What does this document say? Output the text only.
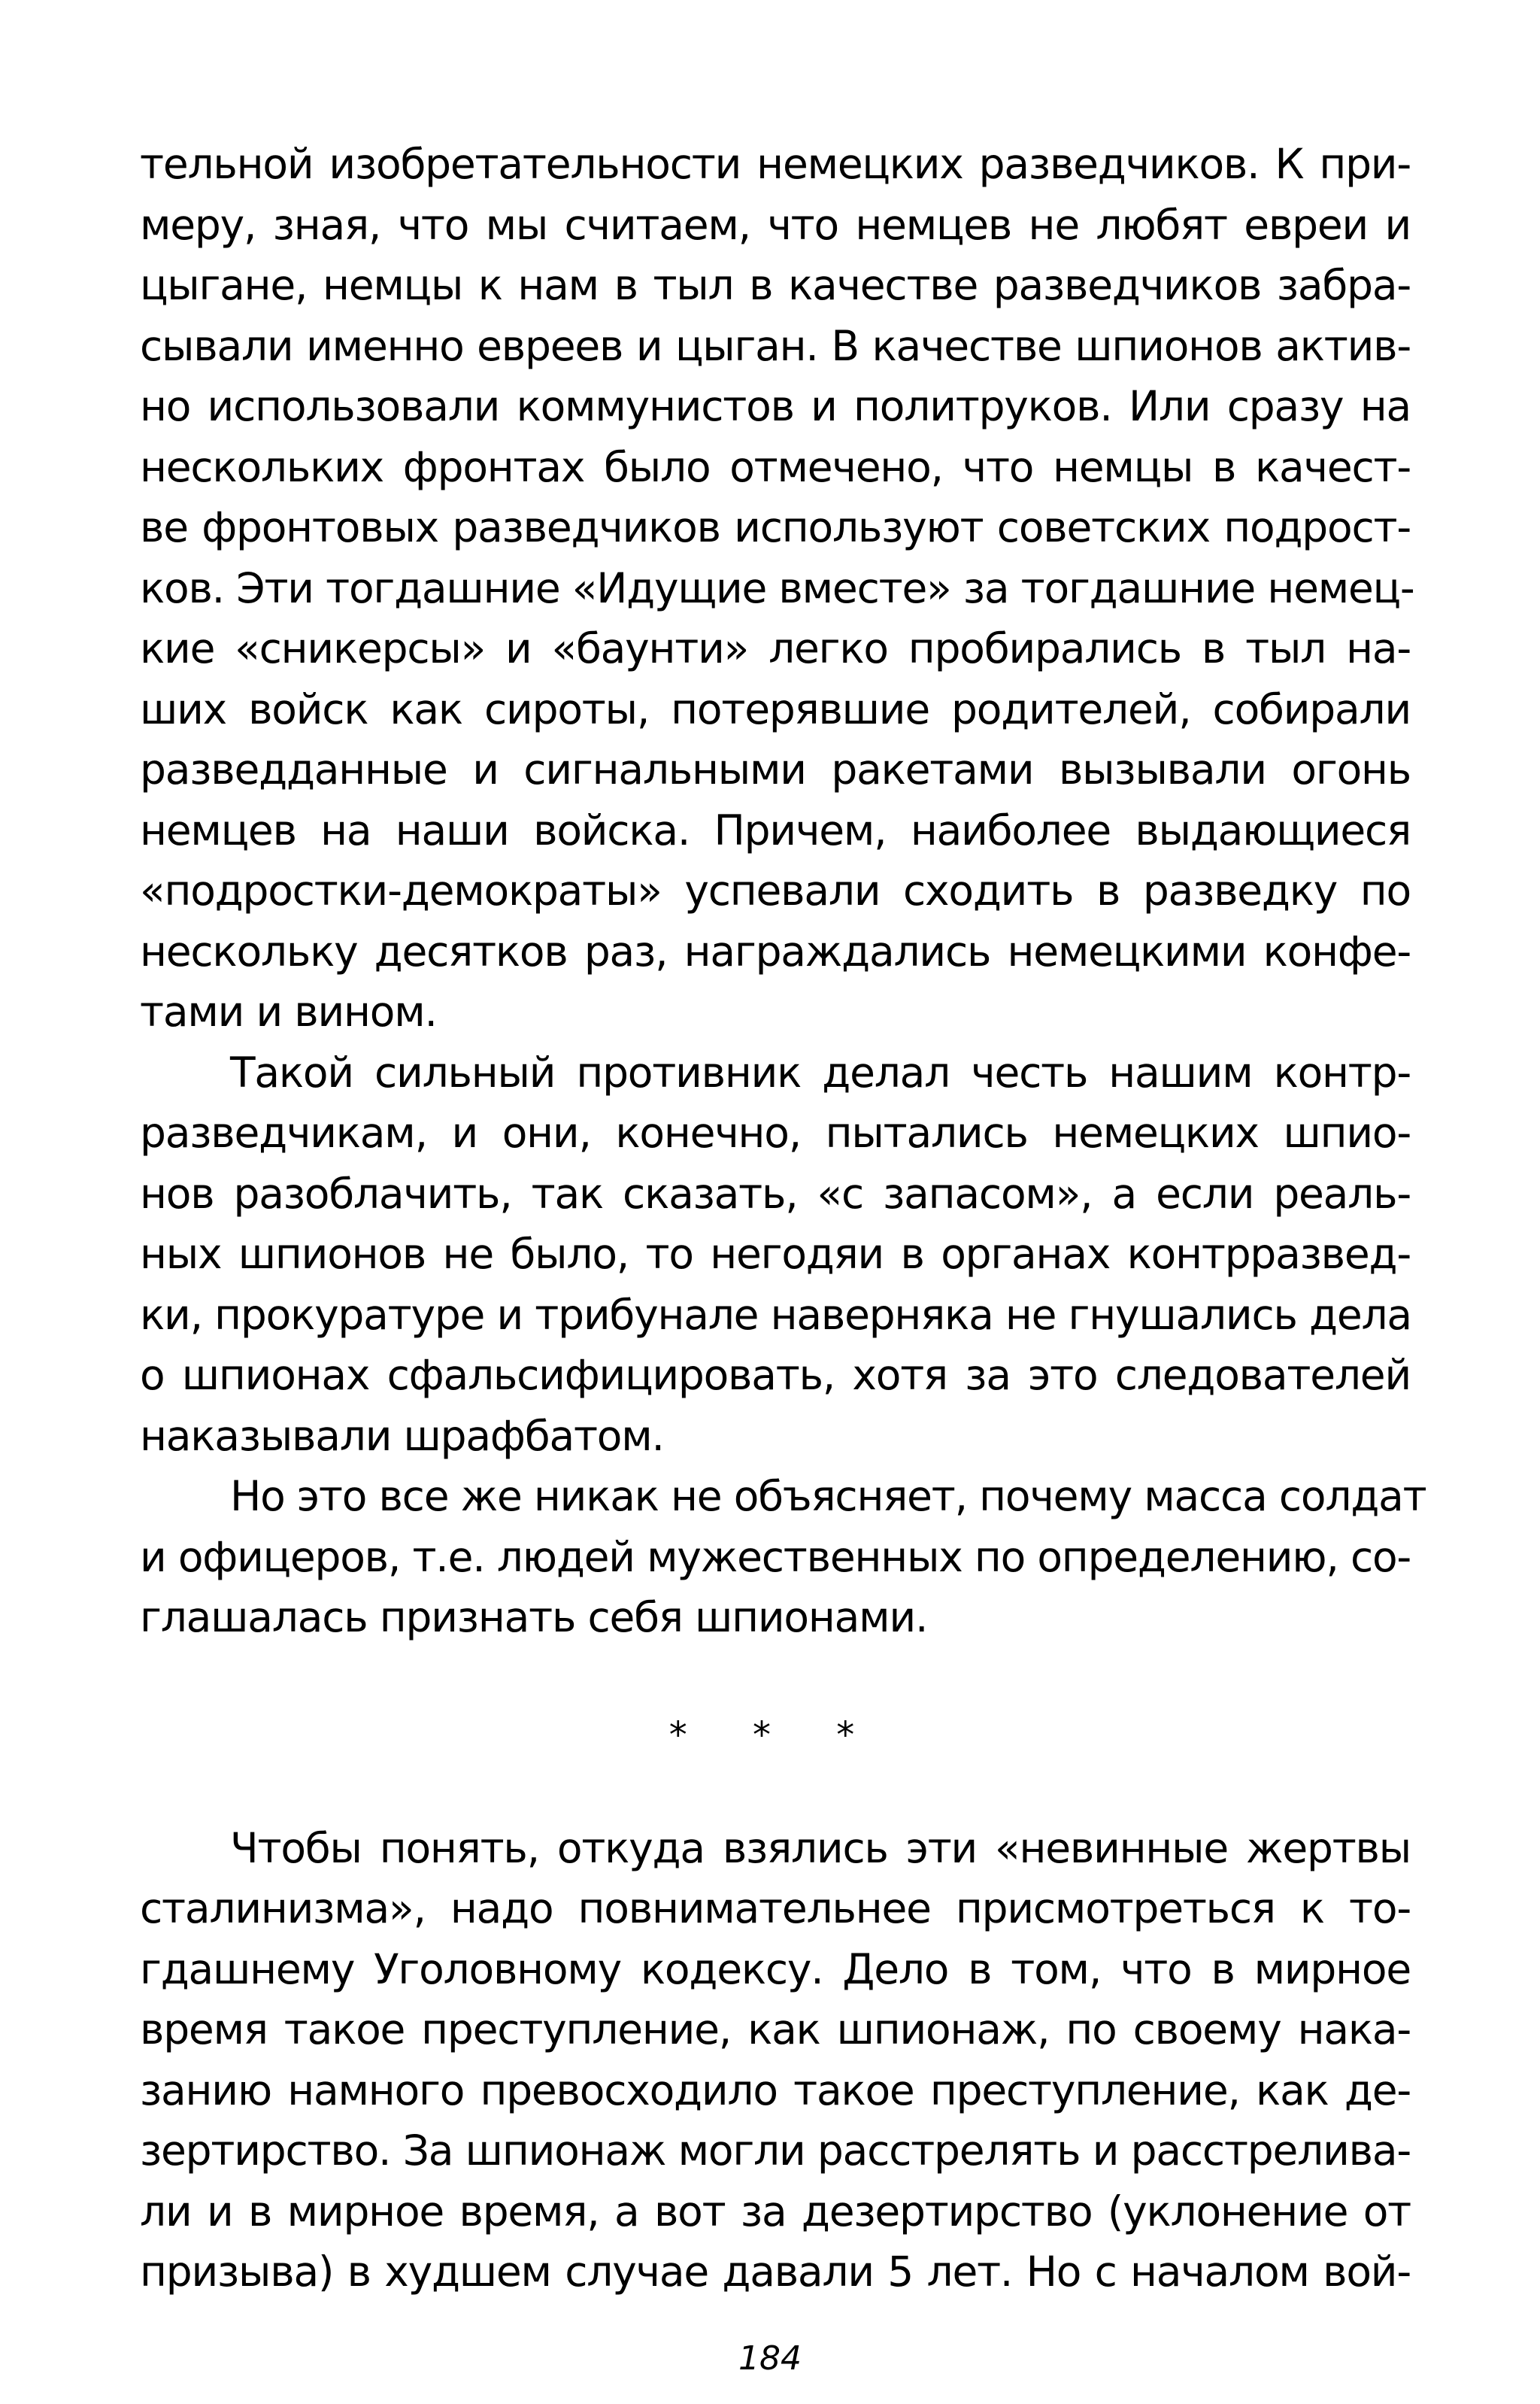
тельной изобретательности немецких разведчиков. К при-
меру, зная, что мы считаем, что немцев не любят евреи и
цыгане, немцы к нам в тыл в качестве разведчиков забра-
сывали именно евреев и цыган. В качестве шпионов актив-
но использовали коммунистов и политруков. Или сразу на
нескольких фронтах было отмечено, что немцы в качест-
ве фронтовых разведчиков используют советских подрост-
ков. Эти тогдашние «Идущие вместе» за тогдашние немец-
кие «сникерсы» и «баунти» легко пробирались в тыл на-
ших войск как сироты, потерявшие родителей, собирали
разведданные и сигнальными ракетами вызывали огонь
немцев на наши войска. Причем, наиболее выдающиеся
«подростки-демократы» успевали сходить в разведку по
нескольку десятков раз, награждались немецкими конфе-
тами и вином.
Такой сильный противник делал честь нашим контр-
разведчикам, и они, конечно, пытались немецких шпио-
нов разоблачить, так сказать, «с запасом», а если реаль-
ных шпионов не было, то негодяи в органах контрразвед-
ки, прокуратуре и трибунале наверняка не гнушались дела
о шпионах сфальсифицировать, хотя за это следователей
наказывали шрафбатом.
Но это все же никак не объясняет, почему масса солдат
и офицеров, т.е. людей мужественных по определению, со-
глашалась признать себя шпионами.
* * *
Чтобы понять, откуда взялись эти «невинные жертвы
сталинизма», надо повнимательнее присмотреться к то-
гдашнему Уголовному кодексу. Дело в том, что в мирное
время такое преступление, как шпионаж, по своему нака-
занию намного превосходило такое преступление, как де-
зертирство. За шпионаж могли расстрелять и расстрелива-
ли и в мирное время, а вот за дезертирство (уклонение от
призыва) в худшем случае давали 5 лет. Но с началом вой-
184
